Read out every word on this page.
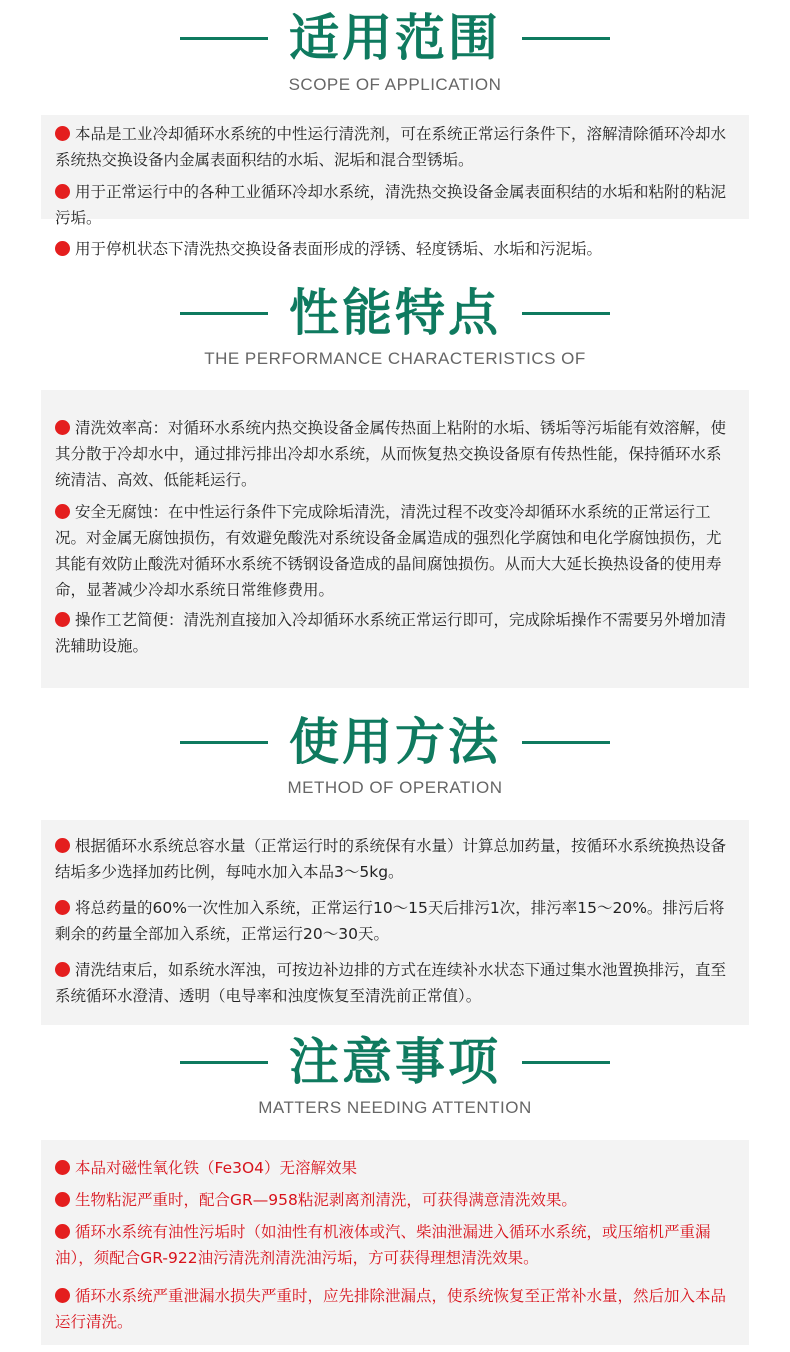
适用范围
SCOPE OF APPLICATION
本品是工业冷却循环水系统的中性运行清洗剂，可在系统正常运行条件下，溶解清除循环冷却水系统热交换设备内金属表面积结的水垢、泥垢和混合型锈垢。
用于正常运行中的各种工业循环冷却水系统，清洗热交换设备金属表面积结的水垢和粘附的粘泥污垢。
用于停机状态下清洗热交换设备表面形成的浮锈、轻度锈垢、水垢和污泥垢。
性能特点
THE PERFORMANCE CHARACTERISTICS OF
清洗效率高：对循环水系统内热交换设备金属传热面上粘附的水垢、锈垢等污垢能有效溶解，使其分散于冷却水中，通过排污排出冷却水系统，从而恢复热交换设备原有传热性能，保持循环水系统清洁、高效、低能耗运行。
安全无腐蚀：在中性运行条件下完成除垢清洗，清洗过程不改变冷却循环水系统的正常运行工况。对金属无腐蚀损伤，有效避免酸洗对系统设备金属造成的强烈化学腐蚀和电化学腐蚀损伤，尤其能有效防止酸洗对循环水系统不锈钢设备造成的晶间腐蚀损伤。从而大大延长换热设备的使用寿命，显著减少冷却水系统日常维修费用。
操作工艺简便：清洗剂直接加入冷却循环水系统正常运行即可，完成除垢操作不需要另外增加清洗辅助设施。
使用方法
METHOD OF OPERATION
根据循环水系统总容水量（正常运行时的系统保有水量）计算总加药量，按循环水系统换热设备结垢多少选择加药比例，每吨水加入本品3～5kg。
将总药量的60%一次性加入系统，正常运行10～15天后排污1次，排污率15～20%。排污后将剩余的药量全部加入系统，正常运行20～30天。
清洗结束后，如系统水浑浊，可按边补边排的方式在连续补水状态下通过集水池置换排污，直至系统循环水澄清、透明（电导率和浊度恢复至清洗前正常值）。
注意事项
MATTERS NEEDING ATTENTION
本品对磁性氧化铁（Fe3O4）无溶解效果
生物粘泥严重时，配合GR—958粘泥剥离剂清洗，可获得满意清洗效果。
循环水系统有油性污垢时（如油性有机液体或汽、柴油泄漏进入循环水系统，或压缩机严重漏油），须配合GR-922油污清洗剂清洗油污垢，方可获得理想清洗效果。
循环水系统严重泄漏水损失严重时，应先排除泄漏点，使系统恢复至正常补水量，然后加入本品运行清洗。
